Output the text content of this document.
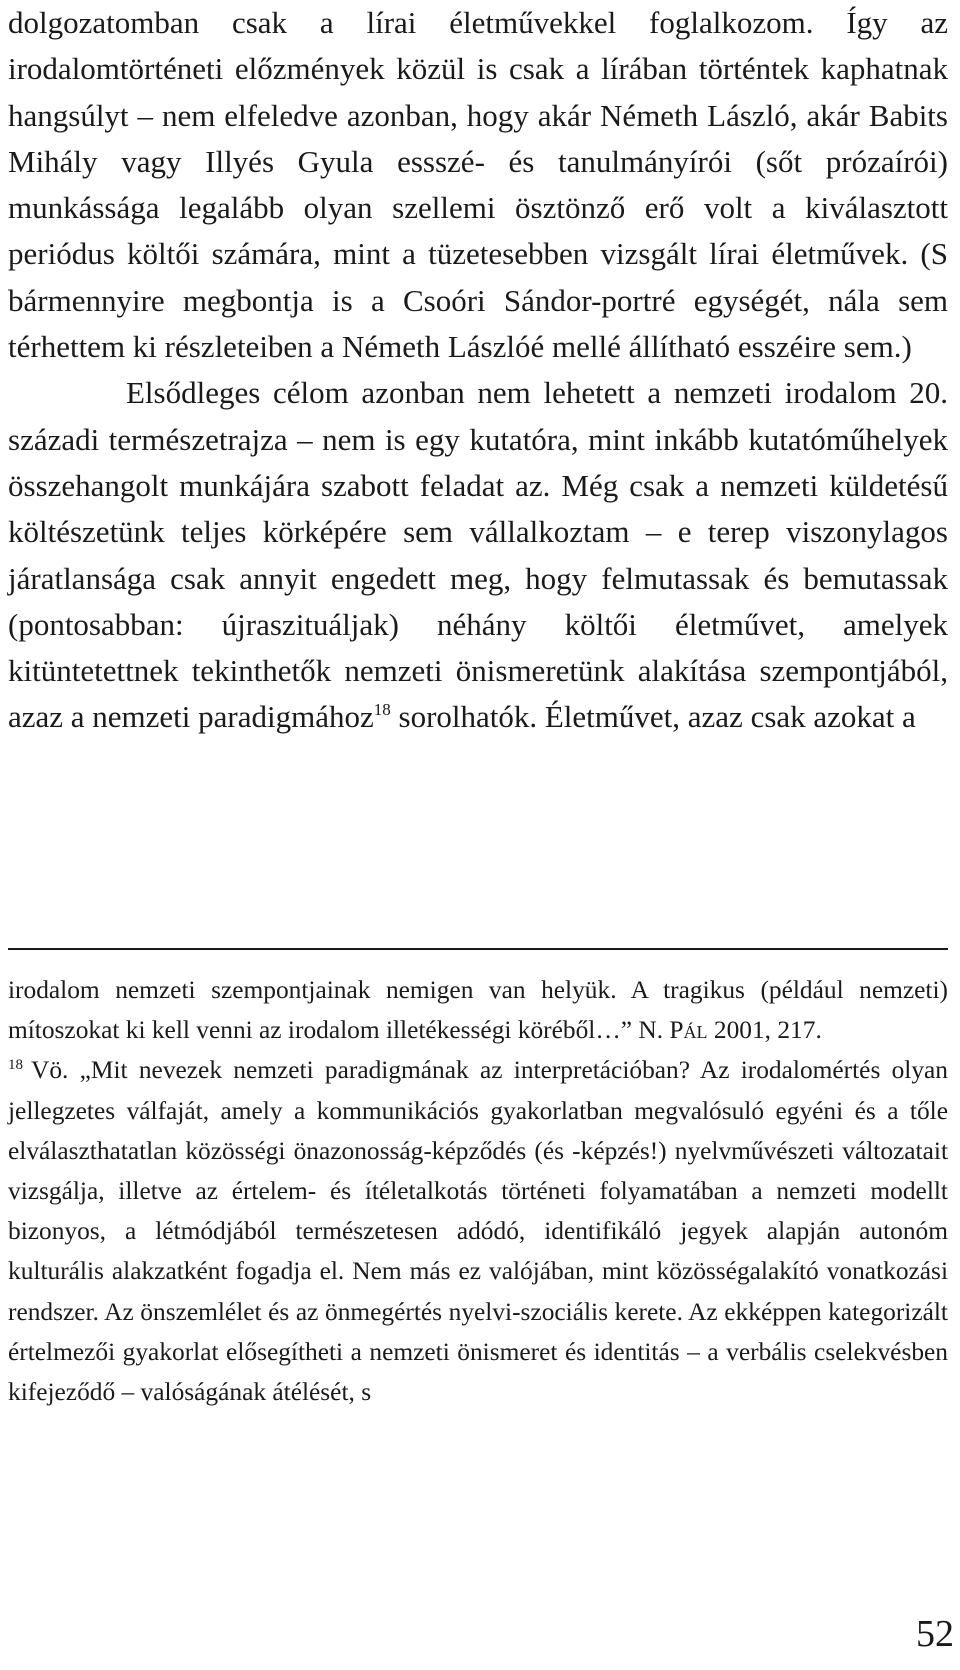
dolgozatomban csak a lírai életművekkel foglalkozom. Így az irodalomtörténeti előzmények közül is csak a lírában történtek kaphatnak hangsúlyt – nem elfeledve azonban, hogy akár Németh László, akár Babits Mihály vagy Illyés Gyula essszé- és tanulmányírói (sőt prózaírói) munkássága legalább olyan szellemi ösztönző erő volt a kiválasztott periódus költői számára, mint a tüzetesebben vizsgált lírai életművek. (S bármennyire megbontja is a Csoóri Sándor-portré egységét, nála sem térhettem ki részleteiben a Németh Lászlóé mellé állítható esszéire sem.)

Elsődleges célom azonban nem lehetett a nemzeti irodalom 20. századi természetrajza – nem is egy kutatóra, mint inkább kutatóműhelyek összehangolt munkájára szabott feladat az. Még csak a nemzeti küldetésű költészetünk teljes körképére sem vállalkoztam – e terep viszonylagos járatlansága csak annyit engedett meg, hogy felmutassak és bemutassak (pontosabban: újraszituáljak) néhány költői életművet, amelyek kitüntetettnek tekinthetők nemzeti önismeretünk alakítása szempontjából, azaz a nemzeti paradigmához$^{18}$ sorolhatók. Életművet, azaz csak azokat a

irodalom nemzeti szempontjainak nemigen van helyük. A tragikus (például nemzeti) mítoszokat ki kell venni az irodalom illetékességi köréből…” N. Pál 2001, 217.

$^{18}$ Vö. „Mit nevezek nemzeti paradigmának az interpretációban? Az irodalomértés olyan jellegzetes válfaját, amely a kommunikációs gyakorlatban megvalósuló egyéni és a tőle elválaszthatatlan közösségi önazonosság-képződés (és -képzés!) nyelvművészeti változatait vizsgálja, illetve az értelem- és ítéletalkotás történeti folyamatában a nemzeti modellt bizonyos, a létmódjából természetesen adódó, identifikáló jegyek alapján autonóm kulturális alakzatként fogadja el. Nem más ez valójában, mint közösségalakító vonatkozási rendszer. Az önszemlélet és az önmegértés nyelvi-szociális kerete. Az ekképpen kategorizált értelmezői gyakorlat elősegítheti a nemzeti önismeret és identitás – a verbális cselekvésben kifejeződő – valóságának átélését, s

52
